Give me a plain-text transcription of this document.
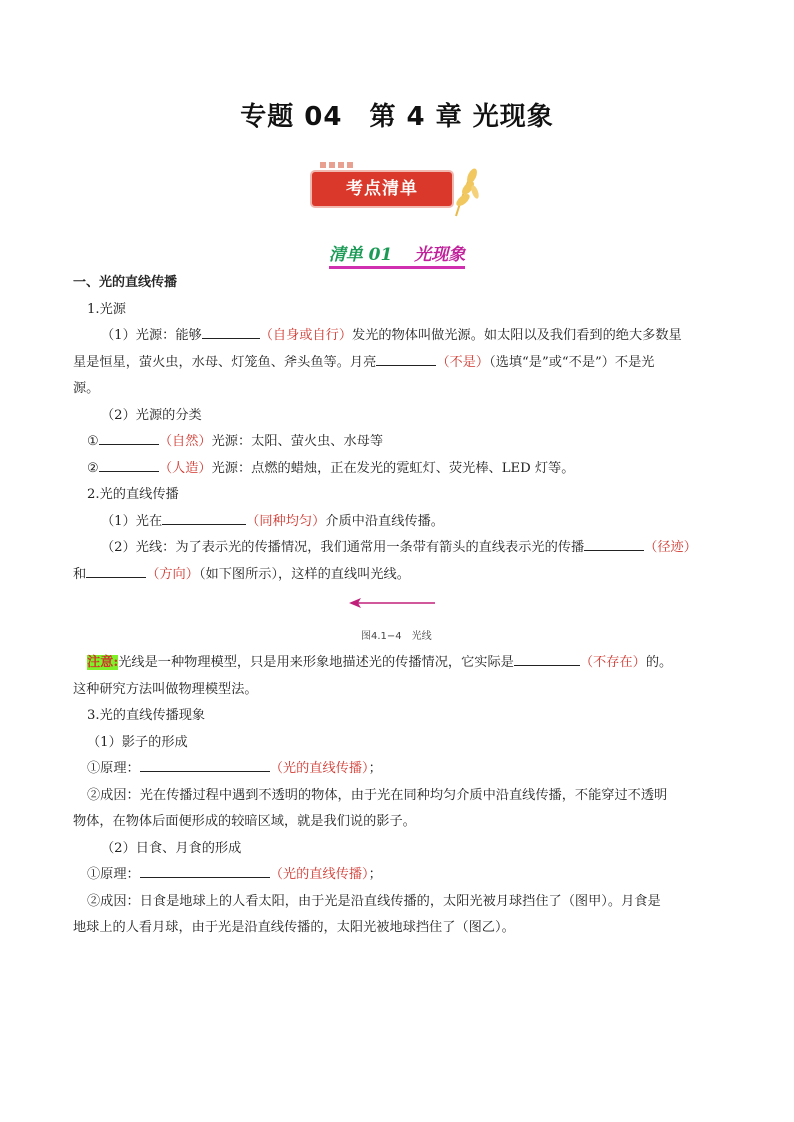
专题 04　第 4 章 光现象
考点清单
清单 01 光现象

一、光的直线传播

1.光源

（1）光源：能够	（自身或自行）发光的物体叫做光源。如太阳以及我们看到的绝大多数星

星是恒星，萤火虫，水母、灯笼鱼、斧头鱼等。月亮	（不是）（选填“是”或“不是”）不是光

源。

（2）光源的分类

①	（自然）光源：太阳、萤火虫、水母等

②	（人造）光源：点燃的蜡烛，正在发光的霓虹灯、荧光棒、LED 灯等。

2.光的直线传播

（1）光在	（同种均匀）介质中沿直线传播。

（2）光线：为了表示光的传播情况，我们通常用一条带有箭头的直线表示光的传播	（径迹）

和	（方向）（如下图所示），这样的直线叫光线。

图4.1−4　光线

注意:光线是一种物理模型，只是用来形象地描述光的传播情况，它实际是	（不存在）的。

这种研究方法叫做物理模型法。

3.光的直线传播现象

（1）影子的形成

①原理：	（光的直线传播）；

②成因：光在传播过程中遇到不透明的物体，由于光在同种均匀介质中沿直线传播，不能穿过不透明

物体，在物体后面便形成的较暗区域，就是我们说的影子。

（2）日食、月食的形成

①原理：	（光的直线传播）；

②成因：日食是地球上的人看太阳，由于光是沿直线传播的，太阳光被月球挡住了（图甲）。月食是

地球上的人看月球，由于光是沿直线传播的，太阳光被地球挡住了（图乙）。
